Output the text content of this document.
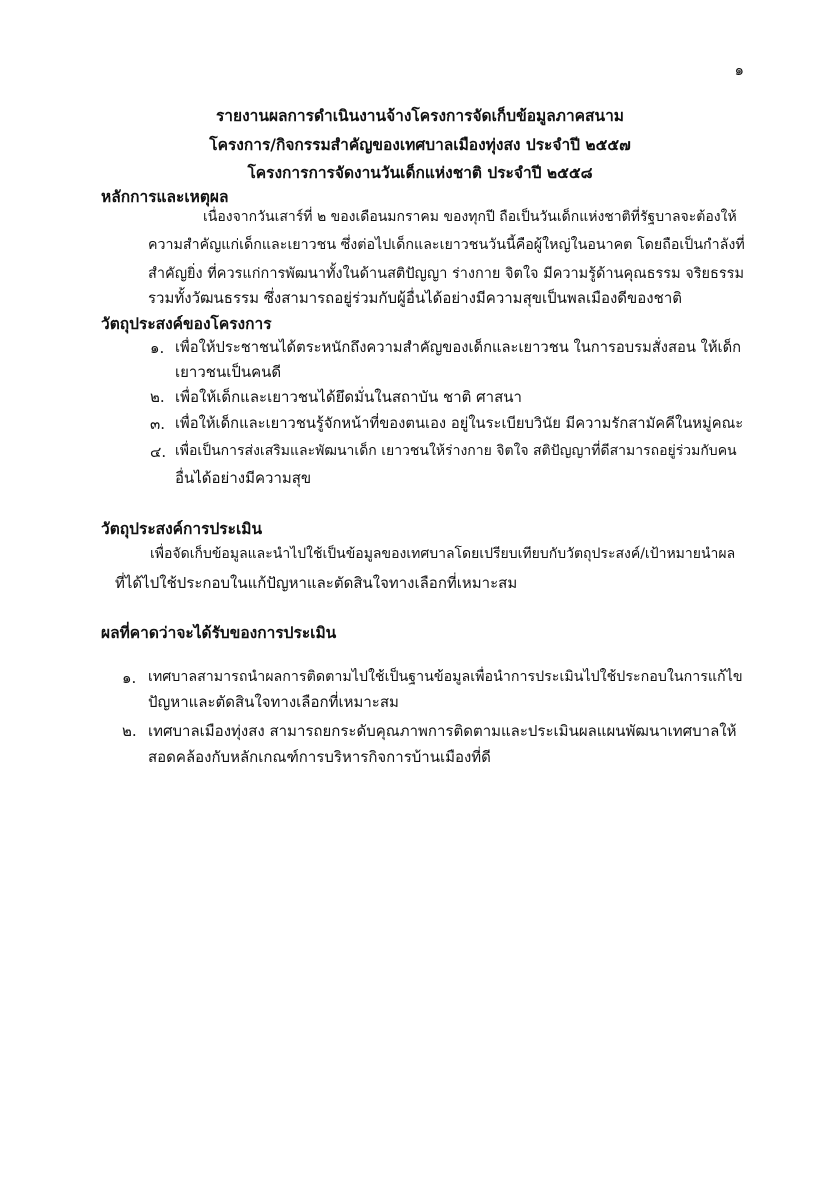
๑
รายงานผลการดำเนินงานจ้างโครงการจัดเก็บข้อมูลภาคสนาม
โครงการ/กิจกรรมสำคัญของเทศบาลเมืองทุ่งสง ประจำปี ๒๕๕๗
โครงการการจัดงานวันเด็กแห่งชาติ ประจำปี ๒๕๕๘
หลักการและเหตุผล
เนื่องจากวันเสาร์ที่ ๒ ของเดือนมกราคม ของทุกปี ถือเป็นวันเด็กแห่งชาติที่รัฐบาลจะต้องให้
ความสำคัญแก่เด็กและเยาวชน ซึ่งต่อไปเด็กและเยาวชนวันนี้คือผู้ใหญ่ในอนาคต โดยถือเป็นกำลังที่
สำคัญยิ่ง ที่ควรแก่การพัฒนาทั้งในด้านสติปัญญา ร่างกาย จิตใจ มีความรู้ด้านคุณธรรม จริยธรรม
รวมทั้งวัฒนธรรม ซึ่งสามารถอยู่ร่วมกับผู้อื่นได้อย่างมีความสุขเป็นพลเมืองดีของชาติ
วัตถุประสงค์ของโครงการ
๑. เพื่อให้ประชาชนได้ตระหนักถึงความสำคัญของเด็กและเยาวชน ในการอบรมสั่งสอน ให้เด็ก
เยาวชนเป็นคนดี
๒. เพื่อให้เด็กและเยาวชนได้ยึดมั่นในสถาบัน ชาติ ศาสนา
๓. เพื่อให้เด็กและเยาวชนรู้จักหน้าที่ของตนเอง อยู่ในระเบียบวินัย มีความรักสามัคคีในหมู่คณะ
๔. เพื่อเป็นการส่งเสริมและพัฒนาเด็ก เยาวชนให้ร่างกาย จิตใจ สติปัญญาที่ดีสามารถอยู่ร่วมกับคน
อื่นได้อย่างมีความสุข
วัตถุประสงค์การประเมิน
เพื่อจัดเก็บข้อมูลและนำไปใช้เป็นข้อมูลของเทศบาลโดยเปรียบเทียบกับวัตถุประสงค์/เป้าหมายนำผล
ที่ได้ไปใช้ประกอบในแก้ปัญหาและตัดสินใจทางเลือกที่เหมาะสม
ผลที่คาดว่าจะได้รับของการประเมิน
๑. เทศบาลสามารถนำผลการติดตามไปใช้เป็นฐานข้อมูลเพื่อนำการประเมินไปใช้ประกอบในการแก้ไข
ปัญหาและตัดสินใจทางเลือกที่เหมาะสม
๒. เทศบาลเมืองทุ่งสง สามารถยกระดับคุณภาพการติดตามและประเมินผลแผนพัฒนาเทศบาลให้
สอดคล้องกับหลักเกณฑ์การบริหารกิจการบ้านเมืองที่ดี
